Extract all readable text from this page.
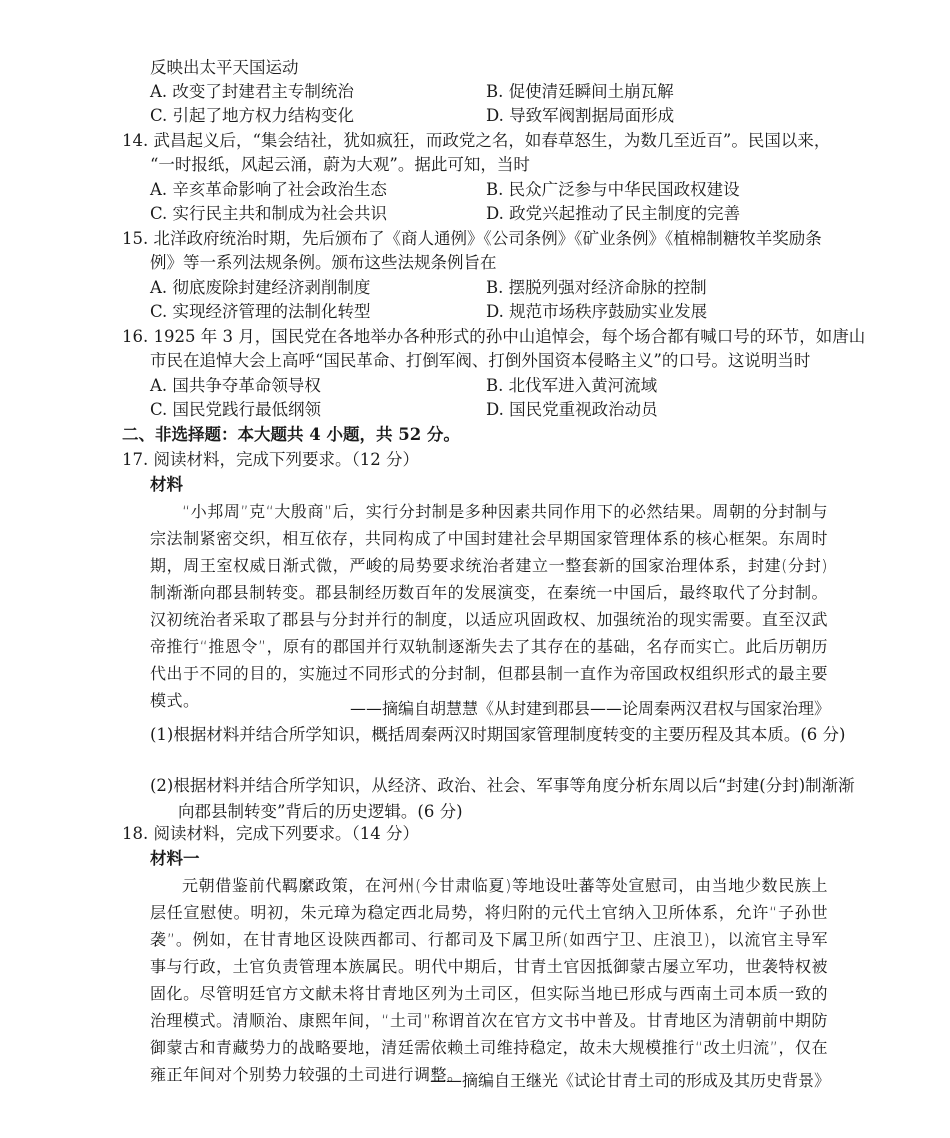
反映出太平天国运动
A. 改变了封建君主专制统治	B. 促使清廷瞬间土崩瓦解
C. 引起了地方权力结构变化	D. 导致军阀割据局面形成
14. 武昌起义后，“集会结社，犹如疯狂，而政党之名，如春草怒生，为数几至近百”。民国以来，
“一时报纸，风起云涌，蔚为大观”。据此可知，当时
A. 辛亥革命影响了社会政治生态	B. 民众广泛参与中华民国政权建设
C. 实行民主共和制成为社会共识	D. 政党兴起推动了民主制度的完善
15. 北洋政府统治时期，先后颁布了《商人通例》《公司条例》《矿业条例》《植棉制糖牧羊奖励条
例》等一系列法规条例。颁布这些法规条例旨在
A. 彻底废除封建经济剥削制度	B. 摆脱列强对经济命脉的控制
C. 实现经济管理的法制化转型	D. 规范市场秩序鼓励实业发展
16. 1925 年 3 月，国民党在各地举办各种形式的孙中山追悼会，每个场合都有喊口号的环节，如唐山
市民在追悼大会上高呼“国民革命、打倒军阀、打倒外国资本侵略主义”的口号。这说明当时
A. 国共争夺革命领导权	B. 北伐军进入黄河流域
C. 国民党践行最低纲领	D. 国民党重视政治动员
二、非选择题：本大题共 4 小题，共 52 分。
17. 阅读材料，完成下列要求。（12 分）
材料
“小邦周”克“大殷商”后，实行分封制是多种因素共同作用下的必然结果。周朝的分封制与宗法制紧密交织，相互依存，共同构成了中国封建社会早期国家管理体系的核心框架。东周时期，周王室权威日渐式微，严峻的局势要求统治者建立一整套新的国家治理体系，封建(分封)制渐渐向郡县制转变。郡县制经历数百年的发展演变，在秦统一中国后，最终取代了分封制。汉初统治者采取了郡县与分封并行的制度，以适应巩固政权、加强统治的现实需要。直至汉武帝推行“推恩令”，原有的郡国并行双轨制逐渐失去了其存在的基础，名存而实亡。此后历朝历代出于不同的目的，实施过不同形式的分封制，但郡县制一直作为帝国政权组织形式的最主要模式。	——摘编自胡慧慧《从封建到郡县——论周秦两汉君权与国家治理》
(1)根据材料并结合所学知识，概括周秦两汉时期国家管理制度转变的主要历程及其本质。(6 分)
(2)根据材料并结合所学知识，从经济、政治、社会、军事等角度分析东周以后“封建(分封)制渐渐向郡县制转变”背后的历史逻辑。(6 分)
18. 阅读材料，完成下列要求。（14 分）
材料一
元朝借鉴前代羁縻政策，在河州(今甘肃临夏)等地设吐蕃等处宣慰司，由当地少数民族上层任宣慰使。明初，朱元璋为稳定西北局势，将归附的元代土官纳入卫所体系，允许“子孙世袭”。例如，在甘青地区设陕西都司、行都司及下属卫所(如西宁卫、庄浪卫)，以流官主导军事与行政，土官负责管理本族属民。明代中期后，甘青土官因抵御蒙古屡立军功，世袭特权被固化。尽管明廷官方文献未将甘青地区列为土司区，但实际当地已形成与西南土司本质一致的治理模式。清顺治、康熙年间，“土司”称谓首次在官方文书中普及。甘青地区为清朝前中期防御蒙古和青藏势力的战略要地，清廷需依赖土司维持稳定，故未大规模推行“改土归流”，仅在雍正年间对个别势力较强的土司进行调整。
——摘编自王继光《试论甘青土司的形成及其历史背景》
